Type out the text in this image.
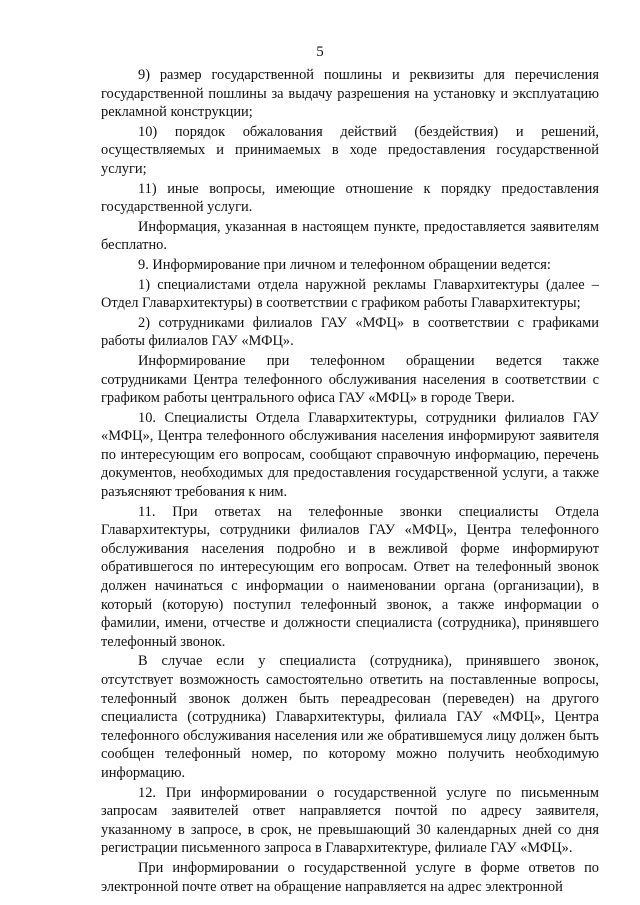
5

9) размер государственной пошлины и реквизиты для перечисления государственной пошлины за выдачу разрешения на установку и эксплуатацию рекламной конструкции;

10) порядок обжалования действий (бездействия) и решений, осуществляемых и принимаемых в ходе предоставления государственной услуги;

11) иные вопросы, имеющие отношение к порядку предоставления государственной услуги.

Информация, указанная в настоящем пункте, предоставляется заявителям бесплатно.

9. Информирование при личном и телефонном обращении ведется:

1) специалистами отдела наружной рекламы Главархитектуры (далее – Отдел Главархитектуры) в соответствии с графиком работы Главархитектуры;

2) сотрудниками филиалов ГАУ «МФЦ» в соответствии с графиками работы филиалов ГАУ «МФЦ».

Информирование при телефонном обращении ведется также сотрудниками Центра телефонного обслуживания населения в соответствии с графиком работы центрального офиса ГАУ «МФЦ» в городе Твери.

10. Специалисты Отдела Главархитектуры, сотрудники филиалов ГАУ «МФЦ», Центра телефонного обслуживания населения информируют заявителя по интересующим его вопросам, сообщают справочную информацию, перечень документов, необходимых для предоставления государственной услуги, а также разъясняют требования к ним.

11. При ответах на телефонные звонки специалисты Отдела Главархитектуры, сотрудники филиалов ГАУ «МФЦ», Центра телефонного обслуживания населения подробно и в вежливой форме информируют обратившегося по интересующим его вопросам. Ответ на телефонный звонок должен начинаться с информации о наименовании органа (организации), в который (которую) поступил телефонный звонок, а также информации о фамилии, имени, отчестве и должности специалиста (сотрудника), принявшего телефонный звонок.

В случае если у специалиста (сотрудника), принявшего звонок, отсутствует возможность самостоятельно ответить на поставленные вопросы, телефонный звонок должен быть переадресован (переведен) на другого специалиста (сотрудника) Главархитектуры, филиала ГАУ «МФЦ», Центра телефонного обслуживания населения или же обратившемуся лицу должен быть сообщен телефонный номер, по которому можно получить необходимую информацию.

12. При информировании о государственной услуге по письменным запросам заявителей ответ направляется почтой по адресу заявителя, указанному в запросе, в срок, не превышающий 30 календарных дней со дня регистрации письменного запроса в Главархитектуре, филиале ГАУ «МФЦ».

При информировании о государственной услуге в форме ответов по электронной почте ответ на обращение направляется на адрес электронной
